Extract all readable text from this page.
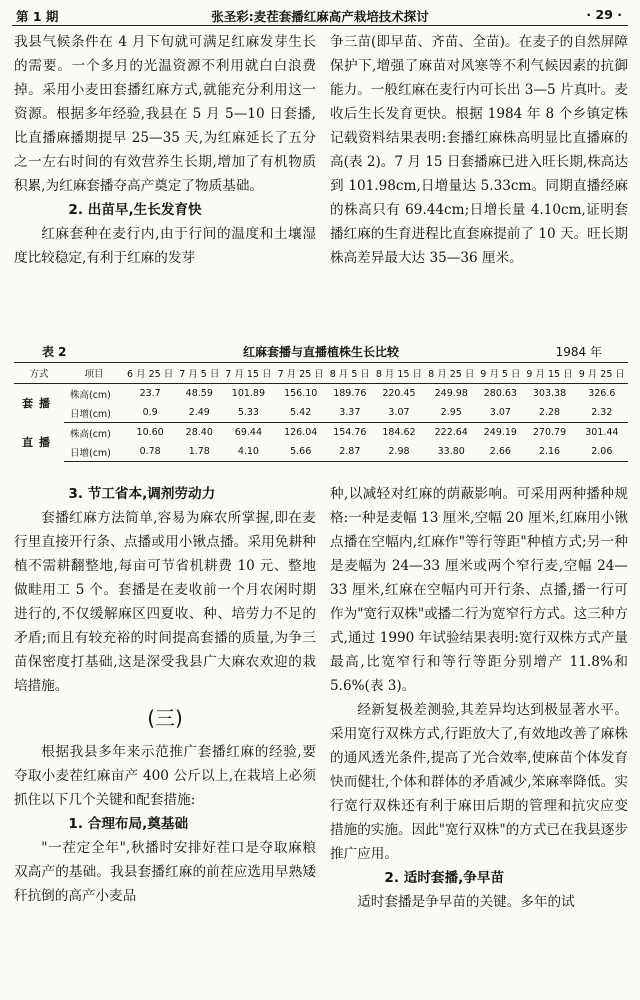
第 1 期	张圣彩:麦茬套播红麻高产栽培技术探讨	· 29 ·

我县气候条件在 4 月下旬就可满足红麻发芽生长的需要。一个多月的光温资源不利用就白白浪费掉。采用小麦田套播红麻方式,就能充分利用这一资源。根据多年经验,我县在 5 月 5—10 日套播,比直播麻播期提早 25—35 天,为红麻延长了五分之一左右时间的有效营养生长期,增加了有机物质积累,为红麻套播夺高产奠定了物质基础。

2. 出苗早,生长发育快

红麻套种在麦行内,由于行间的温度和土壤湿度比较稳定,有利于红麻的发芽

争三苗(即早苗、齐苗、全苗)。在麦子的自然屏障保护下,增强了麻苗对风寒等不利气候因素的抗御能力。一般红麻在麦行内可长出 3—5 片真叶。麦收后生长发育更快。根据 1984 年 8 个乡镇定株记载资料结果表明:套播红麻株高明显比直播麻的高(表 2)。7 月 15 日套播麻已进入旺长期,株高达到 101.98cm,日增量达 5.33cm。同期直播经麻的株高只有 69.44cm;日增长量 4.10cm,证明套播红麻的生育进程比直套麻提前了 10 天。旺长期株高差异最大达 35—36 厘米。

表 2	红麻套播与直播植株生长比较	1984 年
方式	项目	6 月 25 日	7 月 5 日	7 月 15 日	7 月 25 日	8 月 5 日	8 月 15 日	8 月 25 日	9 月 5 日	9 月 15 日	9 月 25 日
套播	株高(cm)	23.7	48.59	101.89	156.10	189.76	220.45	249.98	280.63	303.38	326.6
	日增(cm)	0.9	2.49	5.33	5.42	3.37	3.07	2.95	3.07	2.28	2.32
直播	株高(cm)	10.60	28.40	69.44	126.04	154.76	184.62	222.64	249.19	270.79	301.44
	日增(cm)	0.78	1.78	4.10	5.66	2.87	2.98	33.80	2.66	2.16	2.06

3. 节工省本,调剂劳动力

套播红麻方法简单,容易为麻农所掌握,即在麦行里直接开行条、点播或用小锹点播。采用免耕种植不需耕翻整地,每亩可节省机耕费 10 元、整地做畦用工 5 个。套播是在麦收前一个月农闲时期进行的,不仅缓解麻区四夏收、种、培劳力不足的矛盾;而且有较充裕的时间提高套播的质量,为争三苗保密度打基础,这是深受我县广大麻农欢迎的栽培措施。

(三)

根据我县多年来示范推广套播红麻的经验,要夺取小麦茬红麻亩产 400 公斤以上,在栽培上必须抓住以下几个关键和配套措施:

1. 合理布局,奠基础

"一茬定全年",秋播时安排好茬口是夺取麻粮双高产的基础。我县套播红麻的前茬应选用早熟矮秆抗倒的高产小麦品

种,以减轻对红麻的荫蔽影响。可采用两种播种规格:一种是麦幅 13 厘米,空幅 20 厘米,红麻用小锹点播在空幅内,红麻作"等行等距"种植方式;另一种是麦幅为 24—33 厘米或两个窄行麦,空幅 24—33 厘米,红麻在空幅内可开行条、点播,播一行可作为"宽行双株"或播二行为宽窄行方式。这三种方式,通过 1990 年试验结果表明:宽行双株方式产量最高,比宽窄行和等行等距分别增产 11.8%和 5.6%(表 3)。

经新复极差测验,其差异均达到极显著水平。采用宽行双株方式,行距放大了,有效地改善了麻株的通风透光条件,提高了光合效率,使麻苗个体发育快而健壮,个体和群体的矛盾减少,笨麻率降低。实行宽行双株还有利于麻田后期的管理和抗灾应变措施的实施。因此"宽行双株"的方式已在我县逐步推广应用。

2. 适时套播,争早苗

适时套播是争早苗的关键。多年的试
